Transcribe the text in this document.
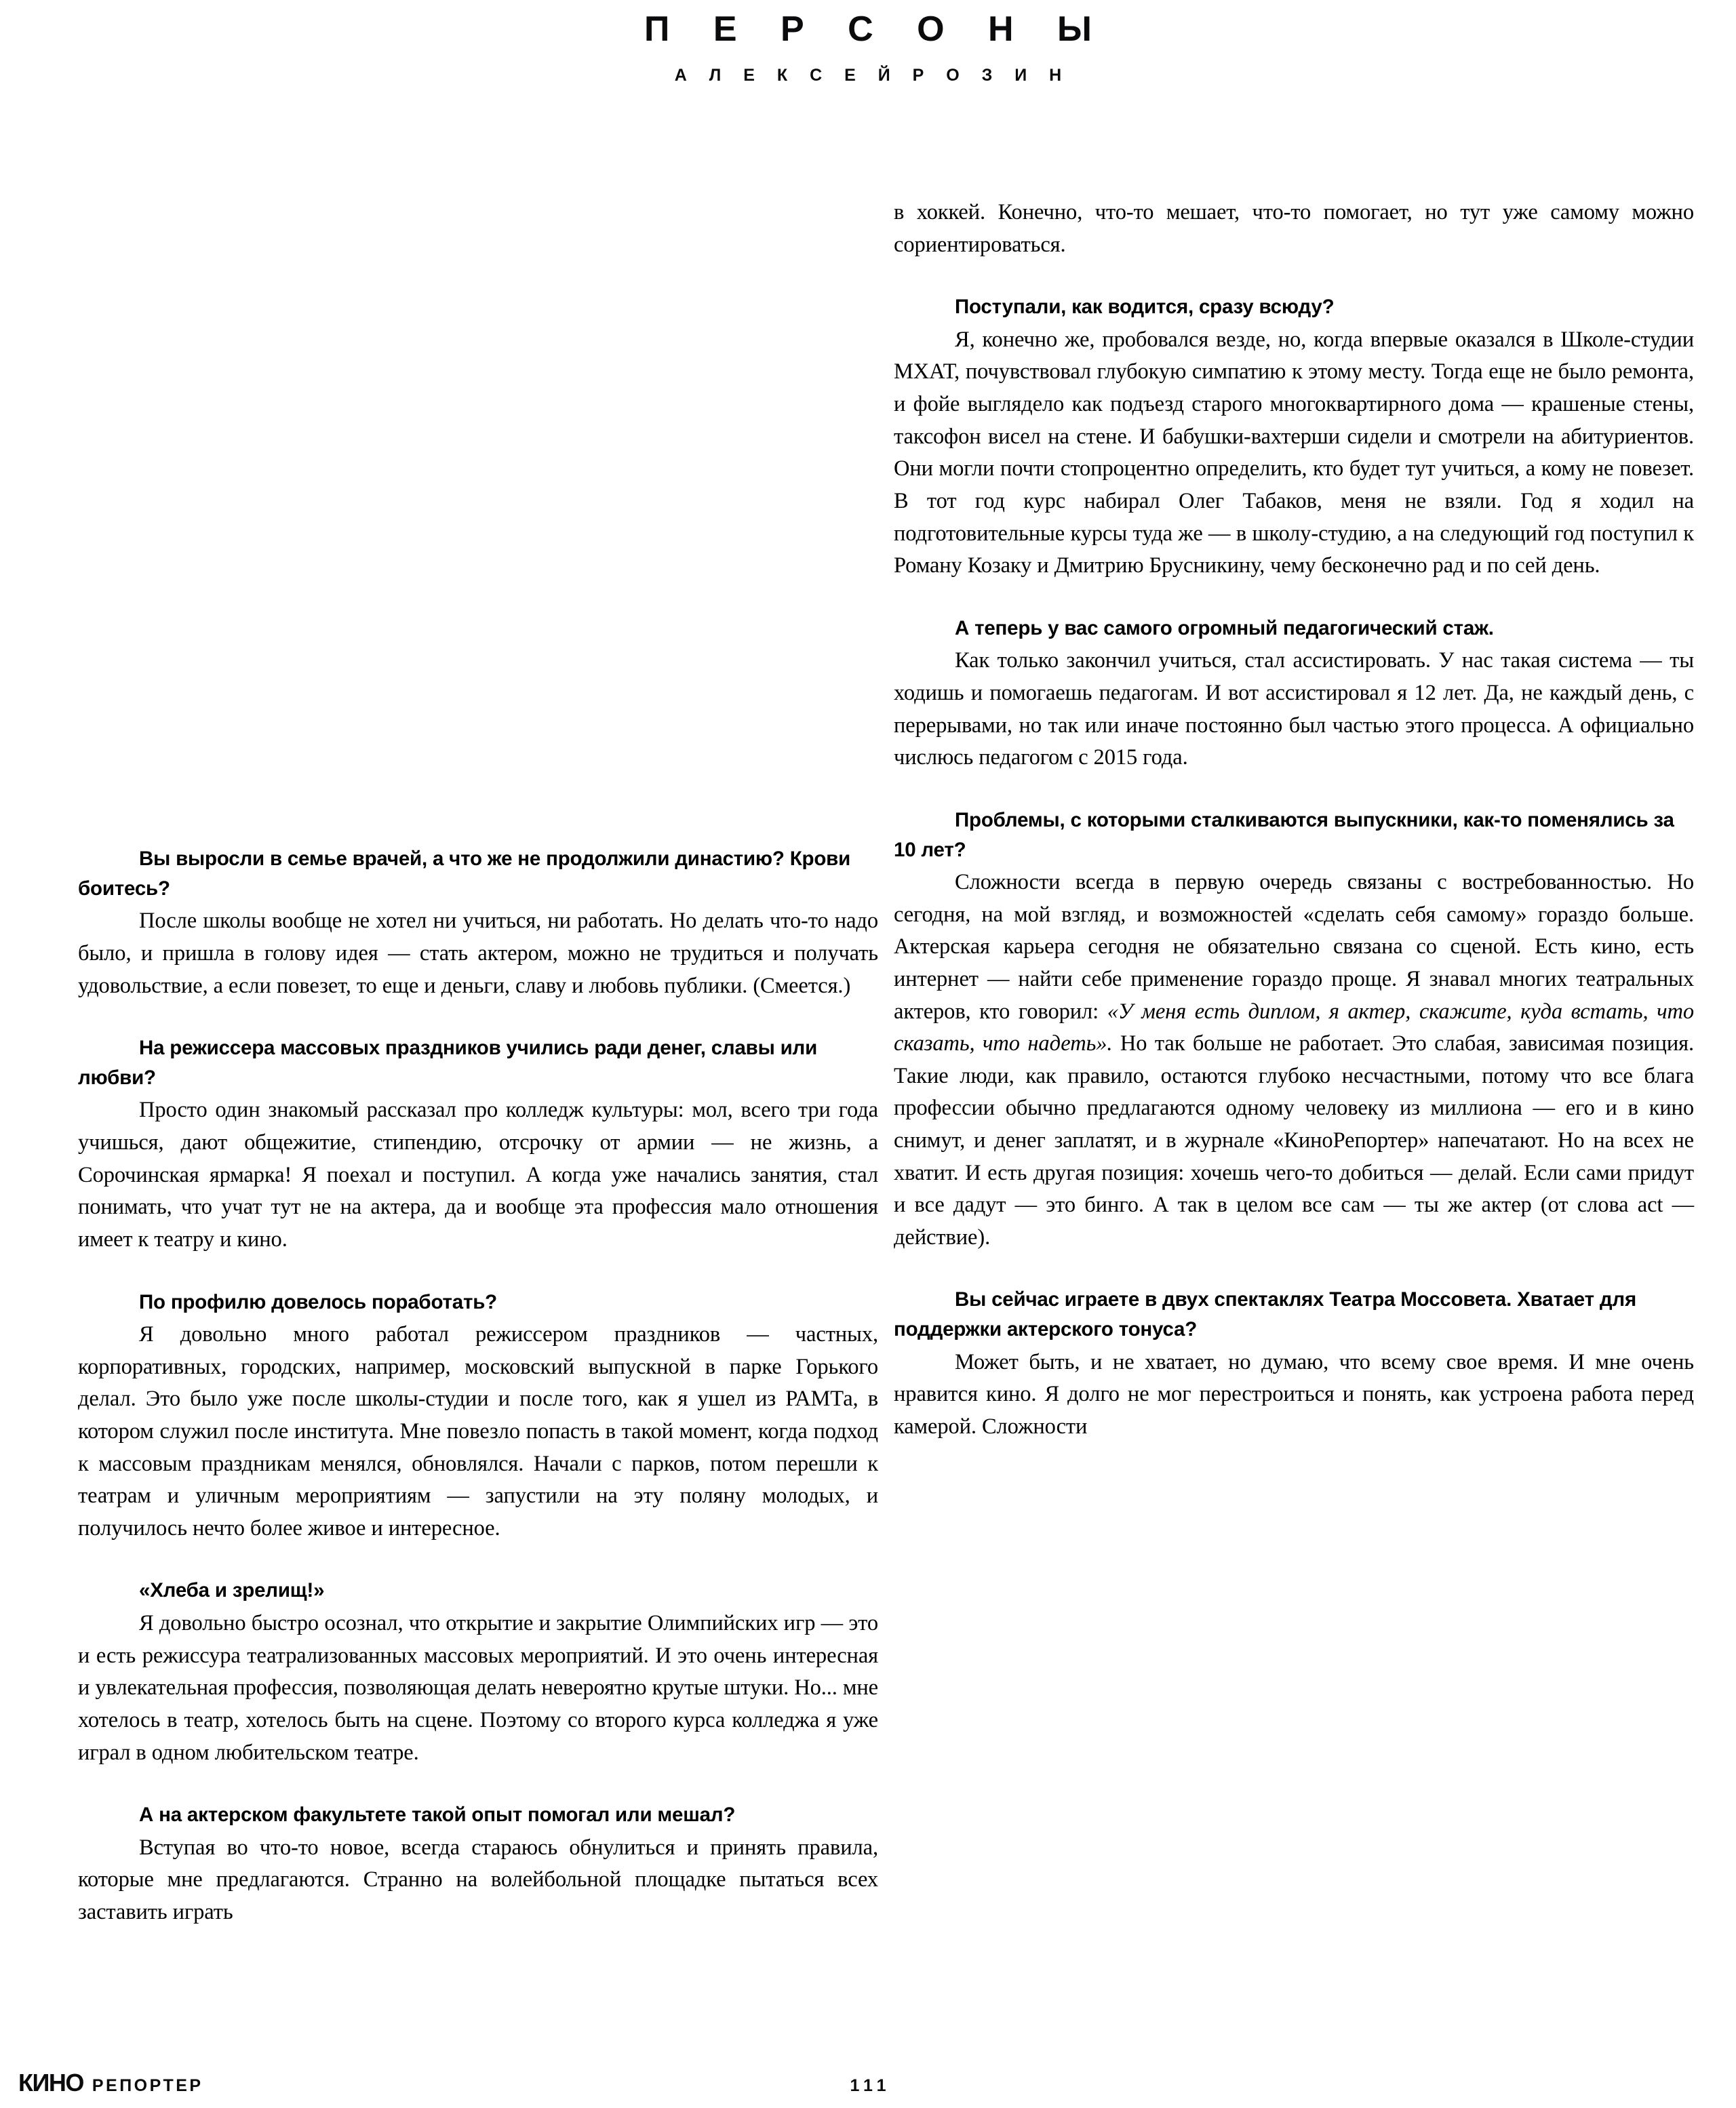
П Е Р С О Н Ы
А Л Е К С Е Й Р О З И Н

Вы выросли в семье врачей, а что же не продолжили династию? Крови боитесь?

После школы вообще не хотел ни учиться, ни работать. Но делать что-то надо было, и пришла в голову идея — стать актером, можно не трудиться и получать удовольствие, а если повезет, то еще и деньги, славу и любовь публики. (Смеется.)

На режиссера массовых праздников учились ради денег, славы или любви?

Просто один знакомый рассказал про колледж культуры: мол, всего три года учишься, дают общежитие, стипендию, отсрочку от армии — не жизнь, а Сорочинская ярмарка! Я поехал и поступил. А когда уже начались занятия, стал понимать, что учат тут не на актера, да и вообще эта профессия мало отношения имеет к театру и кино.

По профилю довелось поработать?

Я довольно много работал режиссером праздников — частных, корпоративных, городских, например, московский выпускной в парке Горького делал. Это было уже после школы-студии и после того, как я ушел из РАМТа, в котором служил после института. Мне повезло попасть в такой момент, когда подход к массовым праздникам менялся, обновлялся. Начали с парков, потом перешли к театрам и уличным мероприятиям — запустили на эту поляну молодых, и получилось нечто более живое и интересное.

«Хлеба и зрелищ!»

Я довольно быстро осознал, что открытие и закрытие Олимпийских игр — это и есть режиссура театрализованных массовых мероприятий. И это очень интересная и увлекательная профессия, позволяющая делать невероятно крутые штуки. Но... мне хотелось в театр, хотелось быть на сцене. Поэтому со второго курса колледжа я уже играл в одном любительском театре.

А на актерском факультете такой опыт помогал или мешал?

Вступая во что-то новое, всегда стараюсь обнулиться и принять правила, которые мне предлагаются. Странно на волейбольной площадке пытаться всех заставить играть

в хоккей. Конечно, что-то мешает, что-то помогает, но тут уже самому можно сориентироваться.

Поступали, как водится, сразу всюду?

Я, конечно же, пробовался везде, но, когда впервые оказался в Школе-студии МХАТ, почувствовал глубокую симпатию к этому месту. Тогда еще не было ремонта, и фойе выглядело как подъезд старого многоквартирного дома — крашеные стены, таксофон висел на стене. И бабушки-вахтерши сидели и смотрели на абитуриентов. Они могли почти стопроцентно определить, кто будет тут учиться, а кому не повезет. В тот год курс набирал Олег Табаков, меня не взяли. Год я ходил на подготовительные курсы туда же — в школу-студию, а на следующий год поступил к Роману Козаку и Дмитрию Брусникину, чему бесконечно рад и по сей день.

А теперь у вас самого огромный педагогический стаж.

Как только закончил учиться, стал ассистировать. У нас такая система — ты ходишь и помогаешь педагогам. И вот ассистировал я 12 лет. Да, не каждый день, с перерывами, но так или иначе постоянно был частью этого процесса. А официально числюсь педагогом с 2015 года.

Проблемы, с которыми сталкиваются выпускники, как-то поменялись за 10 лет?

Сложности всегда в первую очередь связаны с востребованностью. Но сегодня, на мой взгляд, и возможностей «сделать себя самому» гораздо больше. Актерская карьера сегодня не обязательно связана со сценой. Есть кино, есть интернет — найти себе применение гораздо проще. Я знавал многих театральных актеров, кто говорил: «У меня есть диплом, я актер, скажите, куда встать, что сказать, что надеть». Но так больше не работает. Это слабая, зависимая позиция. Такие люди, как правило, остаются глубоко несчастными, потому что все блага профессии обычно предлагаются одному человеку из миллиона — его и в кино снимут, и денег заплатят, и в журнале «КиноРепортер» напечатают. Но на всех не хватит. И есть другая позиция: хочешь чего-то добиться — делай. Если сами придут и все дадут — это бинго. А так в целом все сам — ты же актер (от слова act — действие).

Вы сейчас играете в двух спектаклях Театра Моссовета. Хватает для поддержки актерского тонуса?

Может быть, и не хватает, но думаю, что всему свое время. И мне очень нравится кино. Я долго не мог перестроиться и понять, как устроена работа перед камерой. Сложности

КИНО РЕПОРТЕР	111
